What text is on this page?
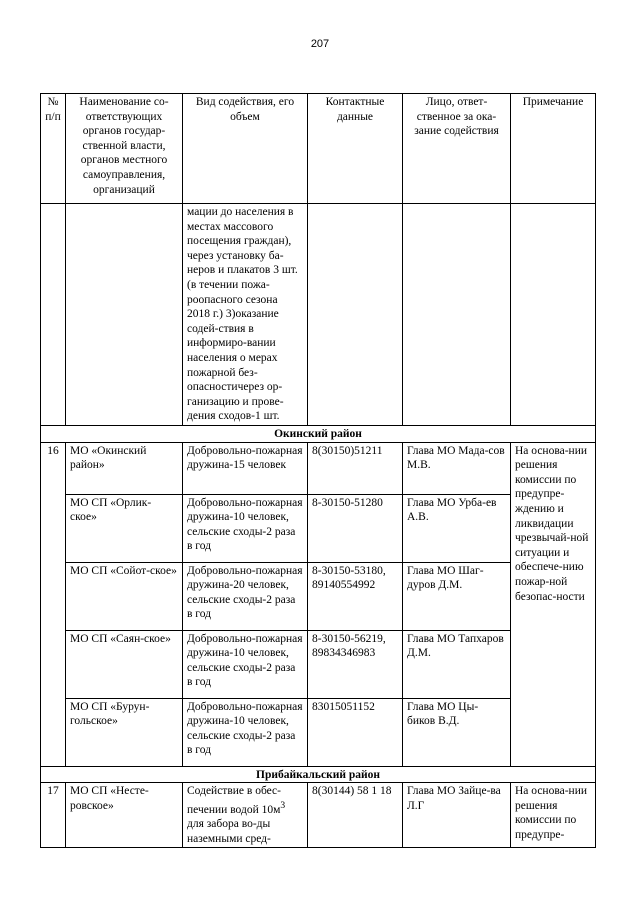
207
№ п/п	Наименование со-ответствующих органов государ-ственной власти, органов местного самоуправления, организаций	Вид содействия, его объем	Контактные данные	Лицо, ответ-ственное за ока-зание содействия	Примечание
		мации до населения в местах массового посещения граждан), через установку ба-неров и плакатов 3 шт.(в течении пожа-роопасного сезона 2018 г.) 3)оказание содей-ствия в информиро-вании населения о мерах пожарной без-опасностичерез ор-ганизацию и прове-дения сходов-1 шт.			
Окинский район					
16	МО «Окинский район»	Добровольно-пожарная дружина-15 человек	8(30150)51211	Глава МО Мада-сов М.В.	На основа-нии решения комиссии по предупре-ждению и ликвидации чрезвычай-ной ситуации и обеспече-нию пожар-ной безопас-ности
	МО СП «Орлик-ское»	Добровольно-пожарная дружина-10 человек, сельские сходы-2 раза в год	8-30150-51280	Глава МО Урба-ев А.В.	
	МО СП «Сойот-ское»	Добровольно-пожарная дружина-20 человек, сельские сходы-2 раза в год	8-30150-53180, 89140554992	Глава МО Шаг-дуров Д.М.	
	МО СП «Саян-ское»	Добровольно-пожарная дружина-10 человек, сельские сходы-2 раза в год	8-30150-56219, 89834346983	Глава МО Тапхаров Д.М.	
	МО СП «Бурун-гольское»	Добровольно-пожарная дружина-10 человек, сельские сходы-2 раза в год	83015051152	Глава МО Цы-биков В.Д.	
Прибайкальский район					
17	МО СП «Несте-ровское»	Содействие в обес-печении водой $10м^3$ для забора во-ды наземными сред-	8(30144) 58 1 18	Глава МО Зайце-ва Л.Г	На основа-нии решения комиссии по предупре-
